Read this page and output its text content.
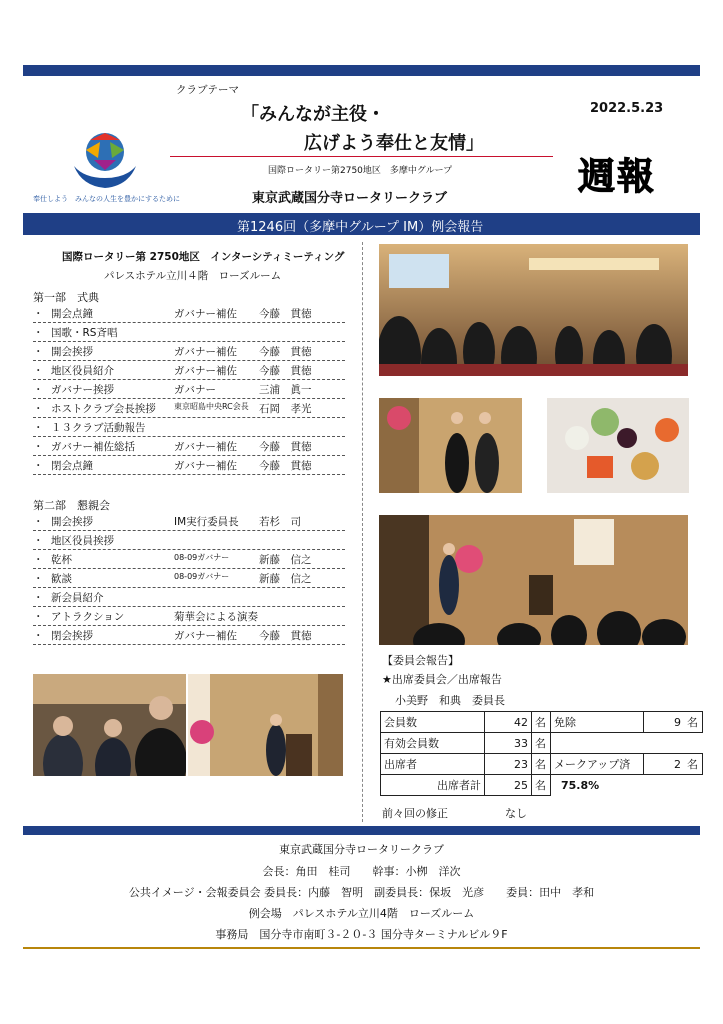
奉仕しよう　みんなの人生を豊かにするために
クラブテーマ
「みんなが主役・
広げよう奉仕と友情」
国際ロータリー第2750地区　多摩中グループ
東京武蔵国分寺ロータリークラブ
2022.5.23
週報
第1246回（多摩中グループ IM）例会報告
国際ロータリー第 2750地区　インターシティミーティング
パレスホテル立川４階　ローズルーム
第一部　式典
・ 開会点鐘	ガバナー補佐 今藤　貫徳
・ 国歌・RS斉唱
・ 開会挨拶	ガバナー補佐 今藤　貫徳
・ 地区役員紹介	ガバナー補佐 今藤　貫徳
・ ガバナー挨拶	ガバナー	三浦　眞一
・ ホストクラブ会長挨拶 東京昭島中央RC会長 石岡　孝光
・ １３クラブ活動報告
・ ガバナー補佐総括	ガバナー補佐 今藤　貫徳
・ 閉会点鐘	ガバナー補佐 今藤　貫徳
第二部　懇親会
・ 開会挨拶	IM実行委員長 若杉　司
・ 地区役員挨拶
・ 乾杯	08-09ガバナー	新藤　信之
・ 歓談	08-09ガバナー	新藤　信之
・ 新会員紹介
・ アトラクション	菊華会による演奏
・ 閉会挨拶	ガバナー補佐 今藤　貫徳
【委員会報告】
★出席委員会／出席報告
小美野　和典　委員長
会員数	42	名	免除	9	名
有効会員数	33	名			
出席者	23	名	メークアップ済	2	名
出席者計	25	名	75.8%		
前々回の修正	なし
東京武蔵国分寺ロータリークラブ
会長：角田　桂司　　幹事：小栁　洋次
公共イメージ・会報委員会 委員長：内藤　智明　副委員長：保坂　光彦　　委員：田中　孝和
例会場　パレスホテル立川4階　ローズルーム
事務局　国分寺市南町３-２０-３ 国分寺ターミナルビル９F
